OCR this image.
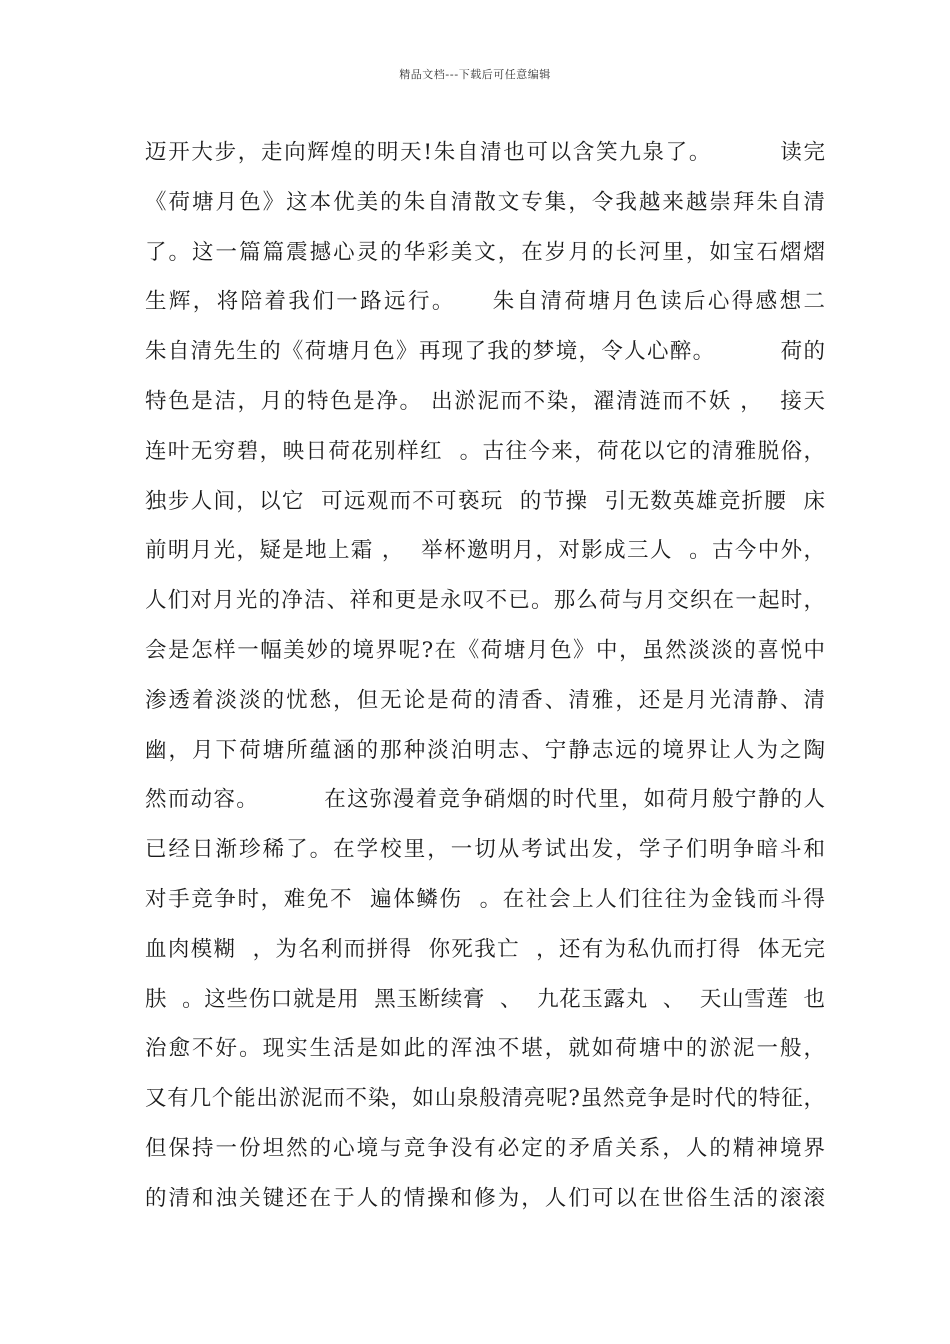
精品文档---下载后可任意编辑
迈开大步，走向辉煌的明天!朱自清也可以含笑九泉了。        读完
《荷塘月色》这本优美的朱自清散文专集，令我越来越崇拜朱自清
了。这一篇篇震撼心灵的华彩美文，在岁月的长河里，如宝石熠熠
生辉，将陪着我们一路远行。    朱自清荷塘月色读后心得感想二
朱自清先生的《荷塘月色》再现了我的梦境，令人心醉。        荷的
特色是洁，月的特色是净。 出淤泥而不染，濯清涟而不妖 ，  接天
连叶无穷碧，映日荷花别样红  。古往今来，荷花以它的清雅脱俗，
独步人间，以它  可远观而不可亵玩  的节操  引无数英雄竞折腰  床
前明月光，疑是地上霜 ，  举杯邀明月，对影成三人  。古今中外，
人们对月光的净洁、祥和更是永叹不已。那么荷与月交织在一起时，
会是怎样一幅美妙的境界呢?在《荷塘月色》中，虽然淡淡的喜悦中
渗透着淡淡的忧愁，但无论是荷的清香、清雅，还是月光清静、清
幽，月下荷塘所蕴涵的那种淡泊明志、宁静志远的境界让人为之陶
然而动容。        在这弥漫着竞争硝烟的时代里，如荷月般宁静的人
已经日渐珍稀了。在学校里，一切从考试出发，学子们明争暗斗和
对手竞争时，难免不  遍体鳞伤  。在社会上人们往往为金钱而斗得
血肉模糊  ，为名利而拼得  你死我亡  ，还有为私仇而打得  体无完
肤  。这些伤口就是用  黑玉断续膏  、  九花玉露丸  、  天山雪莲  也
治愈不好。现实生活是如此的浑浊不堪，就如荷塘中的淤泥一般，
又有几个能出淤泥而不染，如山泉般清亮呢?虽然竞争是时代的特征，
但保持一份坦然的心境与竞争没有必定的矛盾关系，人的精神境界
的清和浊关键还在于人的情操和修为，人们可以在世俗生活的滚滚
